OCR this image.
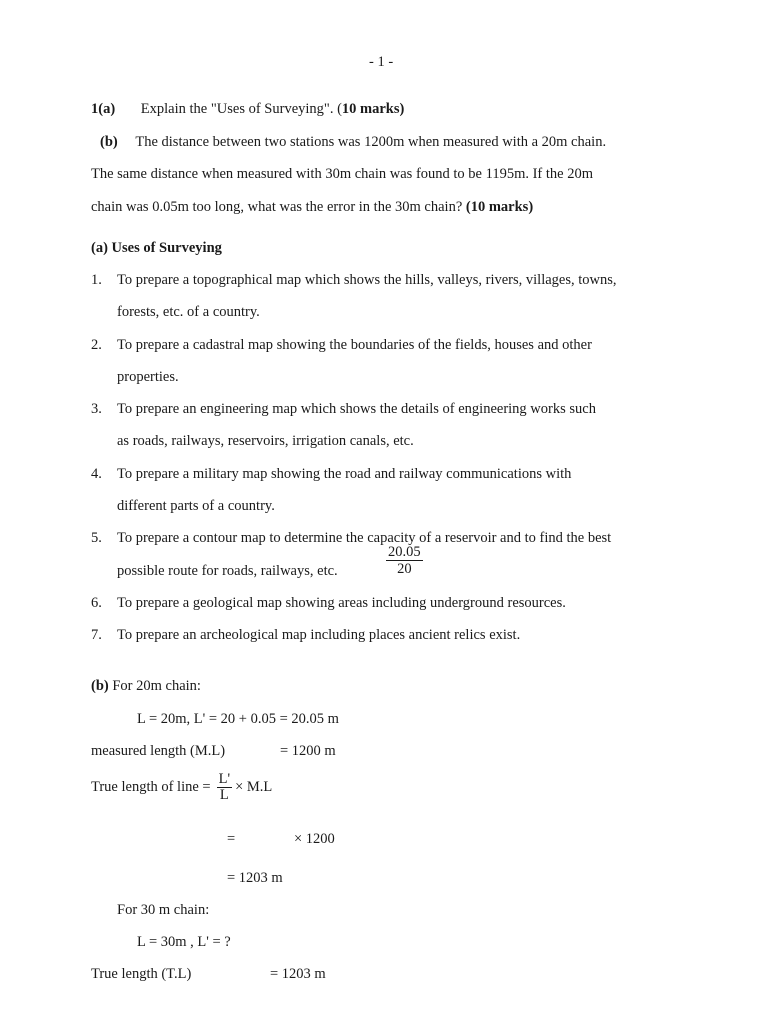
- 1 -
1(a) Explain the "Uses of Surveying". (10 marks)
(b) The distance between two stations was 1200m when measured with a 20m chain.
The same distance when measured with 30m chain was found to be 1195m. If the 20m
chain was 0.05m too long, what was the error in the 30m chain? (10 marks)
(a) Uses of Surveying
1. To prepare a topographical map which shows the hills, valleys, rivers, villages, towns,
forests, etc. of a country.
2. To prepare a cadastral map showing the boundaries of the fields, houses and other
properties.
3. To prepare an engineering map which shows the details of engineering works such
as roads, railways, reservoirs, irrigation canals, etc.
4. To prepare a military map showing the road and railway communications with
different parts of a country.
5. To prepare a contour map to determine the capacity of a reservoir and to find the best
possible route for roads, railways, etc.	$\frac{20.05}{20}$
6. To prepare a geological map showing areas including underground resources.
7. To prepare an archeological map including places ancient relics exist.
(b) For 20m chain:
L = 20m, L' = 20 + 0.05 = 20.05 m
measured length (M.L)	= 1200 m
True length of line = $\frac{L'}{L} \times M.L$
=	× 1200
= 1203 m
For 30 m chain:
L = 30m , L' = ?
True length (T.L)	= 1203 m
